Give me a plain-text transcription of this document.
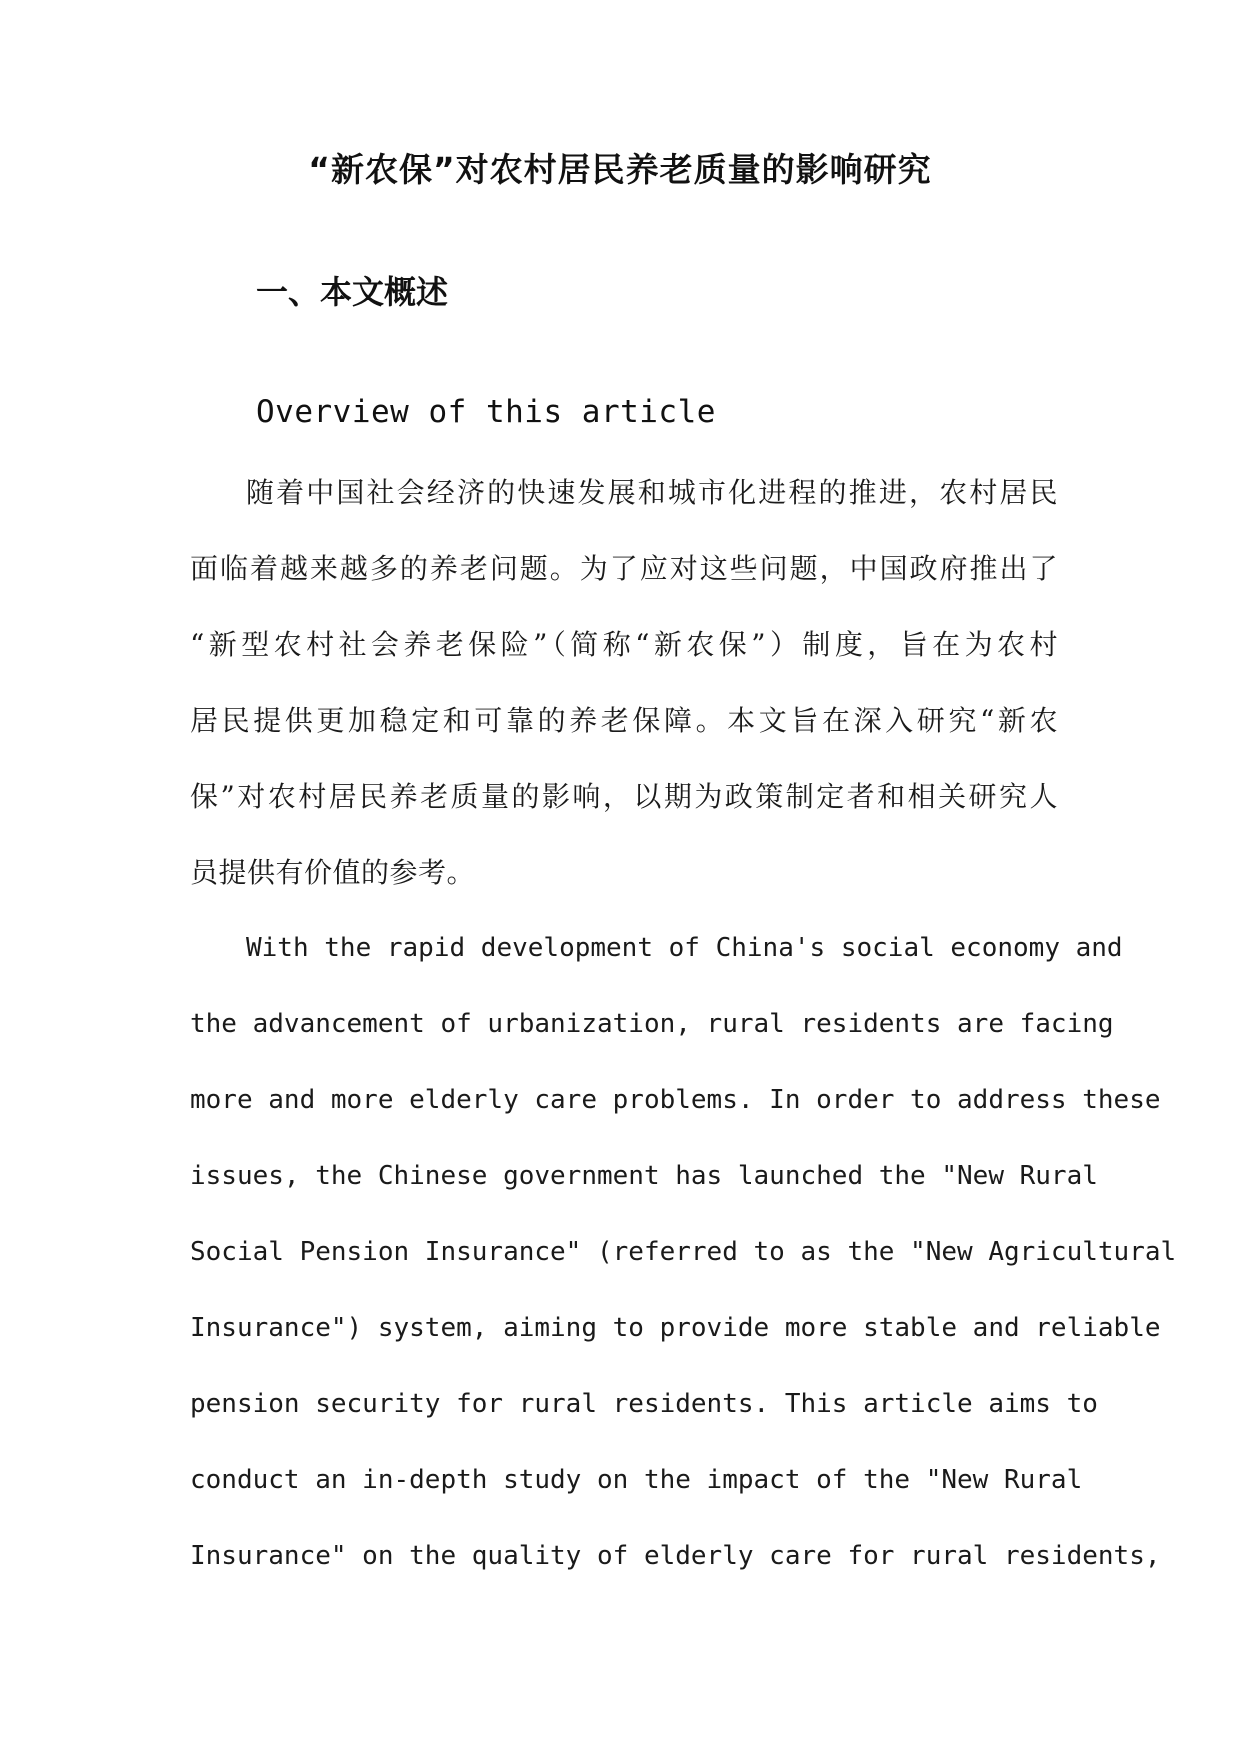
“新农保”对农村居民养老质量的影响研究
一、本文概述
Overview of this article
随着中国社会经济的快速发展和城市化进程的推进，农村居民
面临着越来越多的养老问题。为了应对这些问题，中国政府推出了
“新型农村社会养老保险”（简称“新农保”）制度，旨在为农村
居民提供更加稳定和可靠的养老保障。本文旨在深入研究“新农
保”对农村居民养老质量的影响，以期为政策制定者和相关研究人
员提供有价值的参考。
With the rapid development of China's social economy and
the advancement of urbanization, rural residents are facing
more and more elderly care problems. In order to address these
issues, the Chinese government has launched the "New Rural
Social Pension Insurance" (referred to as the "New Agricultural
Insurance") system, aiming to provide more stable and reliable
pension security for rural residents. This article aims to
conduct an in-depth study on the impact of the "New Rural
Insurance" on the quality of elderly care for rural residents,
